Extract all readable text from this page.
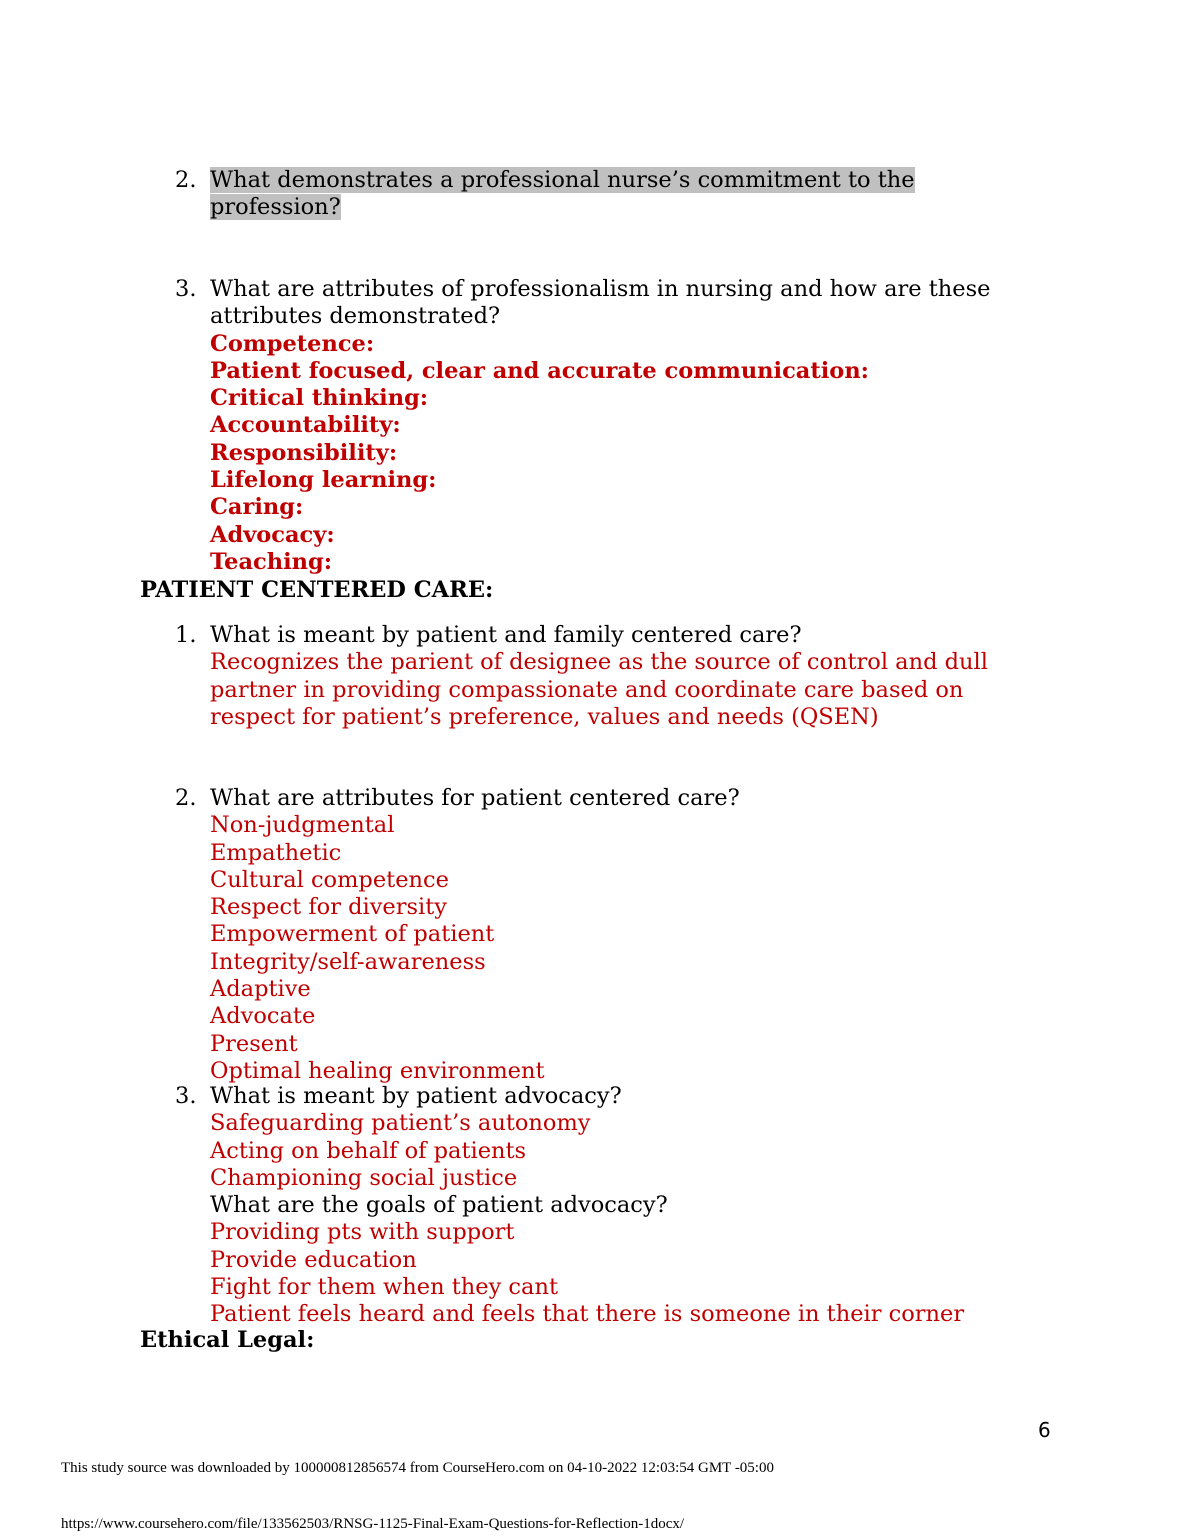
2. What demonstrates a professional nurse’s commitment to the
profession?
3. What are attributes of professionalism in nursing and how are these
attributes demonstrated?
Competence:
Patient focused, clear and accurate communication:
Critical thinking:
Accountability:
Responsibility:
Lifelong learning:
Caring:
Advocacy:
Teaching:
PATIENT CENTERED CARE:
1. What is meant by patient and family centered care?
Recognizes the parient of designee as the source of control and dull
partner in providing compassionate and coordinate care based on
respect for patient’s preference, values and needs (QSEN)
2. What are attributes for patient centered care?
Non-judgmental
Empathetic
Cultural competence
Respect for diversity
Empowerment of patient
Integrity/self-awareness
Adaptive
Advocate
Present
Optimal healing environment
3. What is meant by patient advocacy?
Safeguarding patient’s autonomy
Acting on behalf of patients
Championing social justice
What are the goals of patient advocacy?
Providing pts with support
Provide education
Fight for them when they cant
Patient feels heard and feels that there is someone in their corner
Ethical Legal:
6
This study source was downloaded by 100000812856574 from CourseHero.com on 04-10-2022 12:03:54 GMT -05:00
https://www.coursehero.com/file/133562503/RNSG-1125-Final-Exam-Questions-for-Reflection-1docx/
